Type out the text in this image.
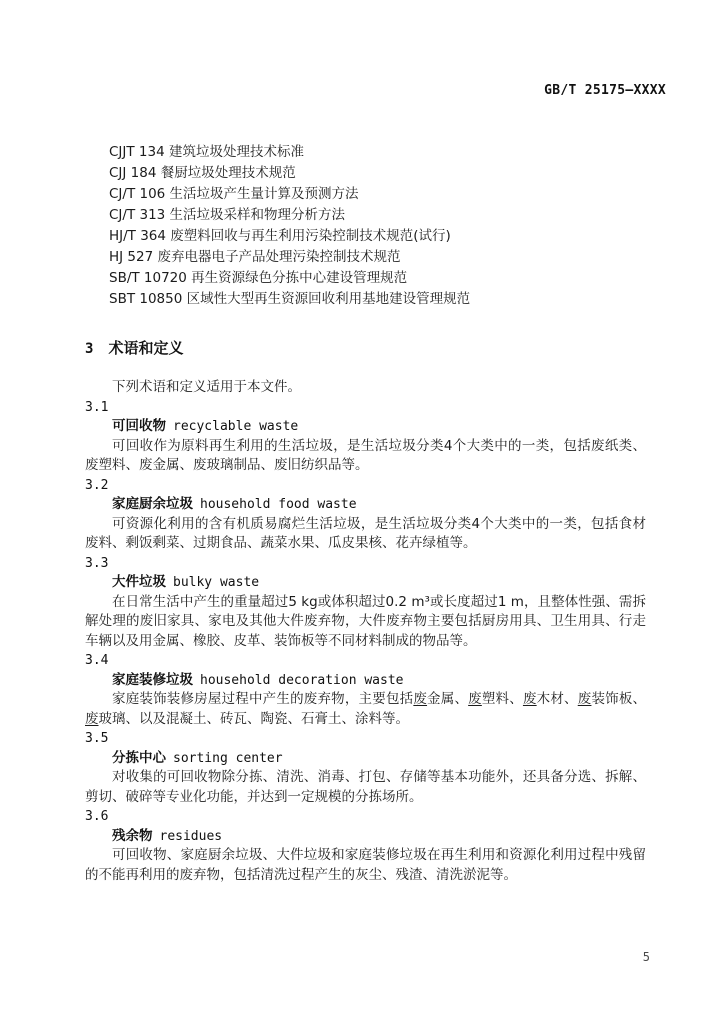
GB/T 25175—XXXX
CJJT 134 建筑垃圾处理技术标准
CJJ 184 餐厨垃圾处理技术规范
CJ/T 106 生活垃圾产生量计算及预测方法
CJ/T 313 生活垃圾采样和物理分析方法
HJ/T 364 废塑料回收与再生利用污染控制技术规范(试行)
HJ 527 废弃电器电子产品处理污染控制技术规范
SB/T 10720 再生资源绿色分拣中心建设管理规范
SBT 10850 区域性大型再生资源回收利用基地建设管理规范
3 术语和定义

下列术语和定义适用于本文件。

3.1
可回收物 recyclable waste

可回收作为原料再生利用的生活垃圾，是生活垃圾分类4个大类中的一类，包括废纸类、废塑料、废金属、废玻璃制品、废旧纺织品等。

3.2
家庭厨余垃圾 household food waste

可资源化利用的含有机质易腐烂生活垃圾，是生活垃圾分类4个大类中的一类，包括食材废料、剩饭剩菜、过期食品、蔬菜水果、瓜皮果核、花卉绿植等。

3.3
大件垃圾 bulky waste

在日常生活中产生的重量超过5 kg或体积超过0.2 m³或长度超过1 m，且整体性强、需拆解处理的废旧家具、家电及其他大件废弃物，大件废弃物主要包括厨房用具、卫生用具、行走车辆以及用金属、橡胶、皮革、装饰板等不同材料制成的物品等。

3.4
家庭装修垃圾 household decoration waste

家庭装饰装修房屋过程中产生的废弃物，主要包括废金属、废塑料、废木材、废装饰板、废玻璃、以及混凝土、砖瓦、陶瓷、石膏土、涂料等。

3.5
分拣中心 sorting center

对收集的可回收物除分拣、清洗、消毒、打包、存储等基本功能外，还具备分选、拆解、剪切、破碎等专业化功能，并达到一定规模的分拣场所。

3.6
残余物 residues

可回收物、家庭厨余垃圾、大件垃圾和家庭装修垃圾在再生利用和资源化利用过程中残留的不能再利用的废弃物，包括清洗过程产生的灰尘、残渣、清洗淤泥等。

5
